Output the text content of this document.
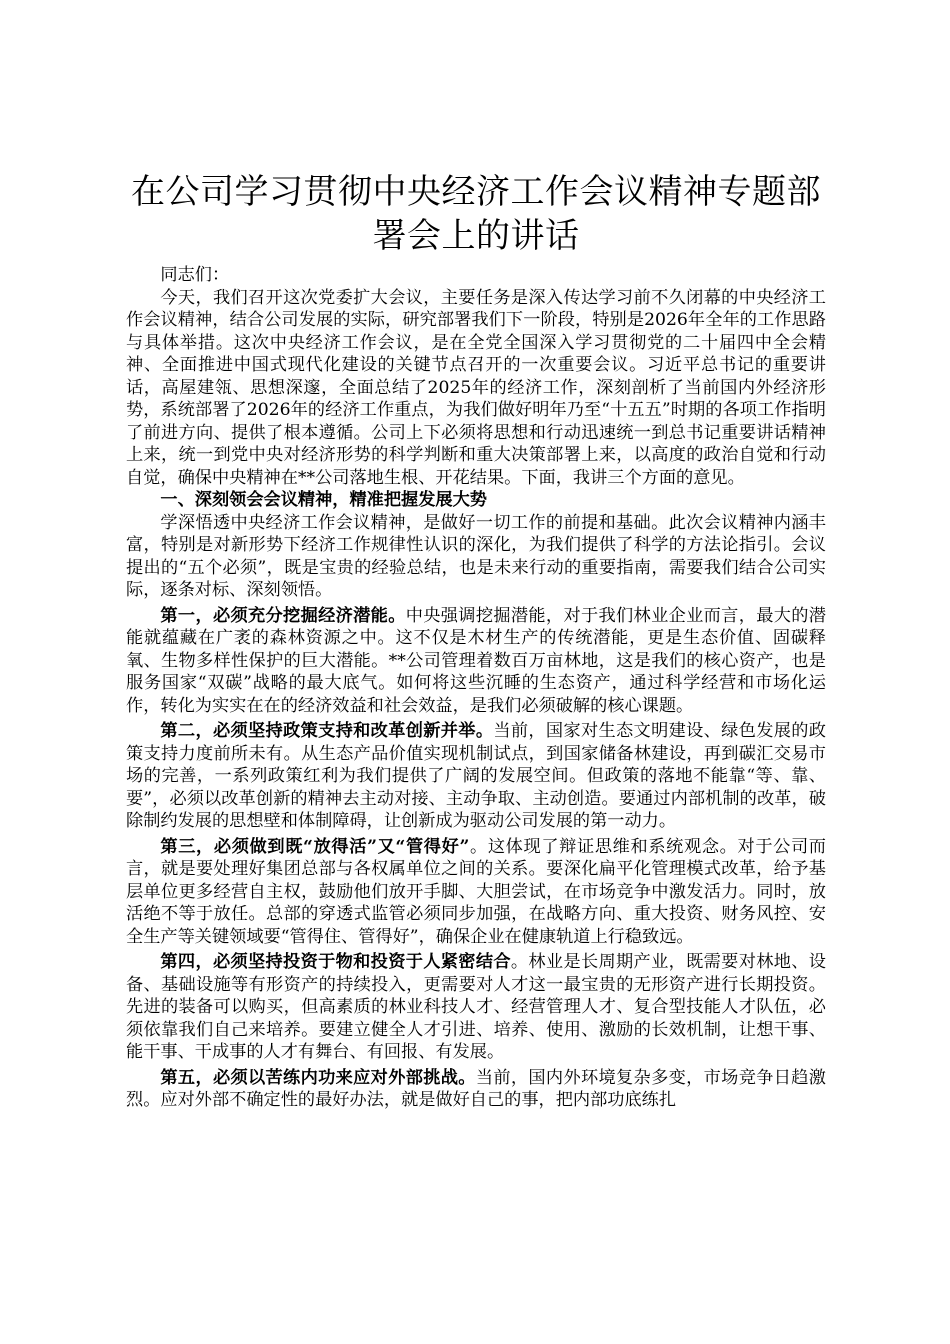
在公司学习贯彻中央经济工作会议精神专题部署会上的讲话

同志们：

今天，我们召开这次党委扩大会议，主要任务是深入传达学习前不久闭幕的中央经济工作会议精神，结合公司发展的实际，研究部署我们下一阶段，特别是2026年全年的工作思路与具体举措。这次中央经济工作会议，是在全党全国深入学习贯彻党的二十届四中全会精神、全面推进中国式现代化建设的关键节点召开的一次重要会议。习近平总书记的重要讲话，高屋建瓴、思想深邃，全面总结了2025年的经济工作，深刻剖析了当前国内外经济形势，系统部署了2026年的经济工作重点，为我们做好明年乃至“十五五”时期的各项工作指明了前进方向、提供了根本遵循。公司上下必须将思想和行动迅速统一到总书记重要讲话精神上来，统一到党中央对经济形势的科学判断和重大决策部署上来，以高度的政治自觉和行动自觉，确保中央精神在**公司落地生根、开花结果。下面，我讲三个方面的意见。

一、深刻领会会议精神，精准把握发展大势

学深悟透中央经济工作会议精神，是做好一切工作的前提和基础。此次会议精神内涵丰富，特别是对新形势下经济工作规律性认识的深化，为我们提供了科学的方法论指引。会议提出的“五个必须”，既是宝贵的经验总结，也是未来行动的重要指南，需要我们结合公司实际，逐条对标、深刻领悟。

第一，必须充分挖掘经济潜能。中央强调挖掘潜能，对于我们林业企业而言，最大的潜能就蕴藏在广袤的森林资源之中。这不仅是木材生产的传统潜能，更是生态价值、固碳释氧、生物多样性保护的巨大潜能。**公司管理着数百万亩林地，这是我们的核心资产，也是服务国家“双碳”战略的最大底气。如何将这些沉睡的生态资产，通过科学经营和市场化运作，转化为实实在在的经济效益和社会效益，是我们必须破解的核心课题。

第二，必须坚持政策支持和改革创新并举。当前，国家对生态文明建设、绿色发展的政策支持力度前所未有。从生态产品价值实现机制试点，到国家储备林建设，再到碳汇交易市场的完善，一系列政策红利为我们提供了广阔的发展空间。但政策的落地不能靠“等、靠、要”，必须以改革创新的精神去主动对接、主动争取、主动创造。要通过内部机制的改革，破除制约发展的思想壁和体制障碍，让创新成为驱动公司发展的第一动力。

第三，必须做到既“放得活”又“管得好”。这体现了辩证思维和系统观念。对于公司而言，就是要处理好集团总部与各权属单位之间的关系。要深化扁平化管理模式改革，给予基层单位更多经营自主权，鼓励他们放开手脚、大胆尝试，在市场竞争中激发活力。同时，放活绝不等于放任。总部的穿透式监管必须同步加强，在战略方向、重大投资、财务风控、安全生产等关键领域要“管得住、管得好”，确保企业在健康轨道上行稳致远。

第四，必须坚持投资于物和投资于人紧密结合。林业是长周期产业，既需要对林地、设备、基础设施等有形资产的持续投入，更需要对人才这一最宝贵的无形资产进行长期投资。先进的装备可以购买，但高素质的林业科技人才、经营管理人才、复合型技能人才队伍，必须依靠我们自己来培养。要建立健全人才引进、培养、使用、激励的长效机制，让想干事、能干事、干成事的人才有舞台、有回报、有发展。

第五，必须以苦练内功来应对外部挑战。当前，国内外环境复杂多变，市场竞争日趋激烈。应对外部不确定性的最好办法，就是做好自己的事，把内部功底练扎
